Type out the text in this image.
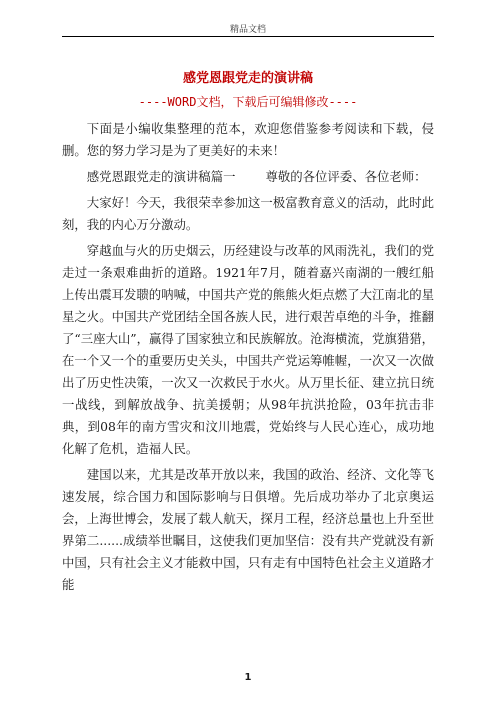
精品文档
感党恩跟党走的演讲稿
----WORD文档，下载后可编辑修改----

下面是小编收集整理的范本，欢迎您借鉴参考阅读和下载，侵删。您的努力学习是为了更美好的未来！

感党恩跟党走的演讲稿篇一 尊敬的各位评委、各位老师：

大家好！今天，我很荣幸参加这一极富教育意义的活动，此时此刻，我的内心万分激动。

穿越血与火的历史烟云，历经建设与改革的风雨洗礼，我们的党走过一条艰难曲折的道路。1921年7月，随着嘉兴南湖的一艘红船上传出震耳发聩的呐喊，中国共产党的熊熊火炬点燃了大江南北的星星之火。中国共产党团结全国各族人民，进行艰苦卓绝的斗争，推翻了“三座大山”，赢得了国家独立和民族解放。沧海横流，党旗猎猎，在一个又一个的重要历史关头，中国共产党运筹帷幄，一次又一次做出了历史性决策，一次又一次救民于水火。从万里长征、建立抗日统一战线，到解放战争、抗美援朝；从98年抗洪抢险，03年抗击非典，到08年的南方雪灾和汶川地震，党始终与人民心连心，成功地化解了危机，造福人民。

建国以来，尤其是改革开放以来，我国的政治、经济、文化等飞速发展，综合国力和国际影响与日俱增。先后成功举办了北京奥运会，上海世博会，发展了载人航天，探月工程，经济总量也上升至世界第二......成绩举世瞩目，这使我们更加坚信：没有共产党就没有新中国，只有社会主义才能救中国，只有走有中国特色社会主义道路才能

1
